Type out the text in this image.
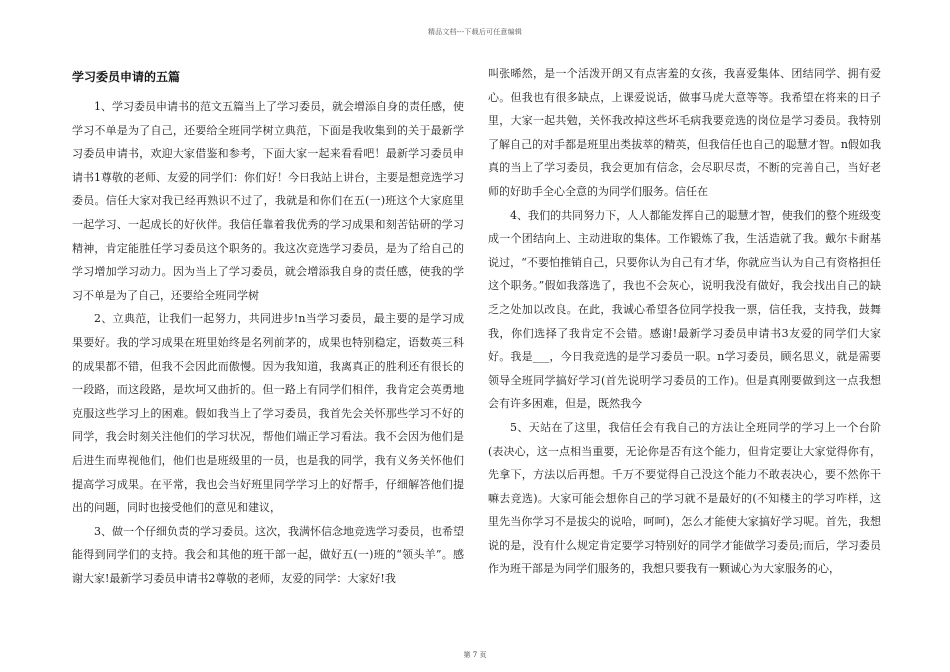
精品文档---下载后可任意编辑
学习委员申请的五篇

1、学习委员申请书的范文五篇当上了学习委员，就会增添自身的责任感，使学习不单是为了自己，还要给全班同学树立典范，下面是我收集到的关于最新学习委员申请书，欢迎大家借鉴和参考，下面大家一起来看看吧！最新学习委员申请书1尊敬的老师、友爱的同学们：你们好！今日我站上讲台，主要是想竞选学习委员。信任大家对我已经再熟识不过了，我就是和你们在五(一)班这个大家庭里一起学习、一起成长的好伙伴。我信任靠着我优秀的学习成果和刻苦钻研的学习精神，肯定能胜任学习委员这个职务的。我这次竞选学习委员，是为了给自己的学习增加学习动力。因为当上了学习委员，就会增添我自身的责任感，使我的学习不单是为了自己，还要给全班同学树

2、立典范，让我们一起努力，共同进步!n当学习委员，最主要的是学习成果要好。我的学习成果在班里始终是名列前茅的，成果也特别稳定，语数英三科的成果都不错，但我不会因此而傲慢。因为我知道，我离真正的胜利还有很长的一段路，而这段路，是坎坷又曲折的。但一路上有同学们相伴，我肯定会英勇地克服这些学习上的困难。假如我当上了学习委员，我首先会关怀那些学习不好的同学，我会时刻关注他们的学习状况，帮他们端正学习看法。我不会因为他们是后进生而卑视他们，他们也是班级里的一员，也是我的同学，我有义务关怀他们提高学习成果。在平常，我也会当好班里同学学习上的好帮手，仔细解答他们提出的问题，同时也接受他们的意见和建议，

3、做一个仔细负责的学习委员。这次，我满怀信念地竞选学习委员，也希望能得到同学们的支持。我会和其他的班干部一起，做好五(一)班的“领头羊”。感谢大家!最新学习委员申请书2尊敬的老师，友爱的同学：大家好!我

叫张晞然，是一个活泼开朗又有点害羞的女孩，我喜爱集体、团结同学、拥有爱心。但我也有很多缺点，上课爱说话，做事马虎大意等等。我希望在将来的日子里，大家一起共勉，关怀我改掉这些坏毛病我要竞选的岗位是学习委员。我特别了解自己的对手都是班里出类拔萃的精英，但我信任也自己的聪慧才智。n假如我真的当上了学习委员，我会更加有信念，会尽职尽责，不断的完善自己，当好老师的好助手全心全意的为同学们服务。信任在

4、我们的共同努力下，人人都能发挥自己的聪慧才智，使我们的整个班级变成一个团结向上、主动进取的集体。工作锻炼了我，生活造就了我。戴尔卡耐基说过，“不要怕推销自己，只要你认为自己有才华，你就应当认为自己有资格担任这个职务。”假如我落选了，我也不会灰心，说明我没有做好，我会找出自己的缺乏之处加以改良。在此，我诚心希望各位同学投我一票，信任我，支持我，鼓舞我，你们选择了我肯定不会错。感谢!最新学习委员申请书3友爱的同学们大家好。我是___，今日我竞选的是学习委员一职。n学习委员，顾名思义，就是需要领导全班同学搞好学习(首先说明学习委员的工作)。但是真刚要做到这一点我想会有许多困难，但是，既然我今

5、天站在了这里，我信任会有我自己的方法让全班同学的学习上一个台阶(表决心，这一点相当重要，无论你是否有这个能力，但肯定要让大家觉得你有，先拿下，方法以后再想。千万不要觉得自己没这个能力不敢表决心，要不然你干嘛去竞选)。大家可能会想你自己的学习就不是最好的(不知楼主的学习咋样，这里先当你学习不是拔尖的说哈，呵呵)，怎么才能使大家搞好学习呢。首先，我想说的是，没有什么规定肯定要学习特别好的同学才能做学习委员;而后，学习委员作为班干部是为同学们服务的，我想只要我有一颗诚心为大家服务的心，

第 7 页
